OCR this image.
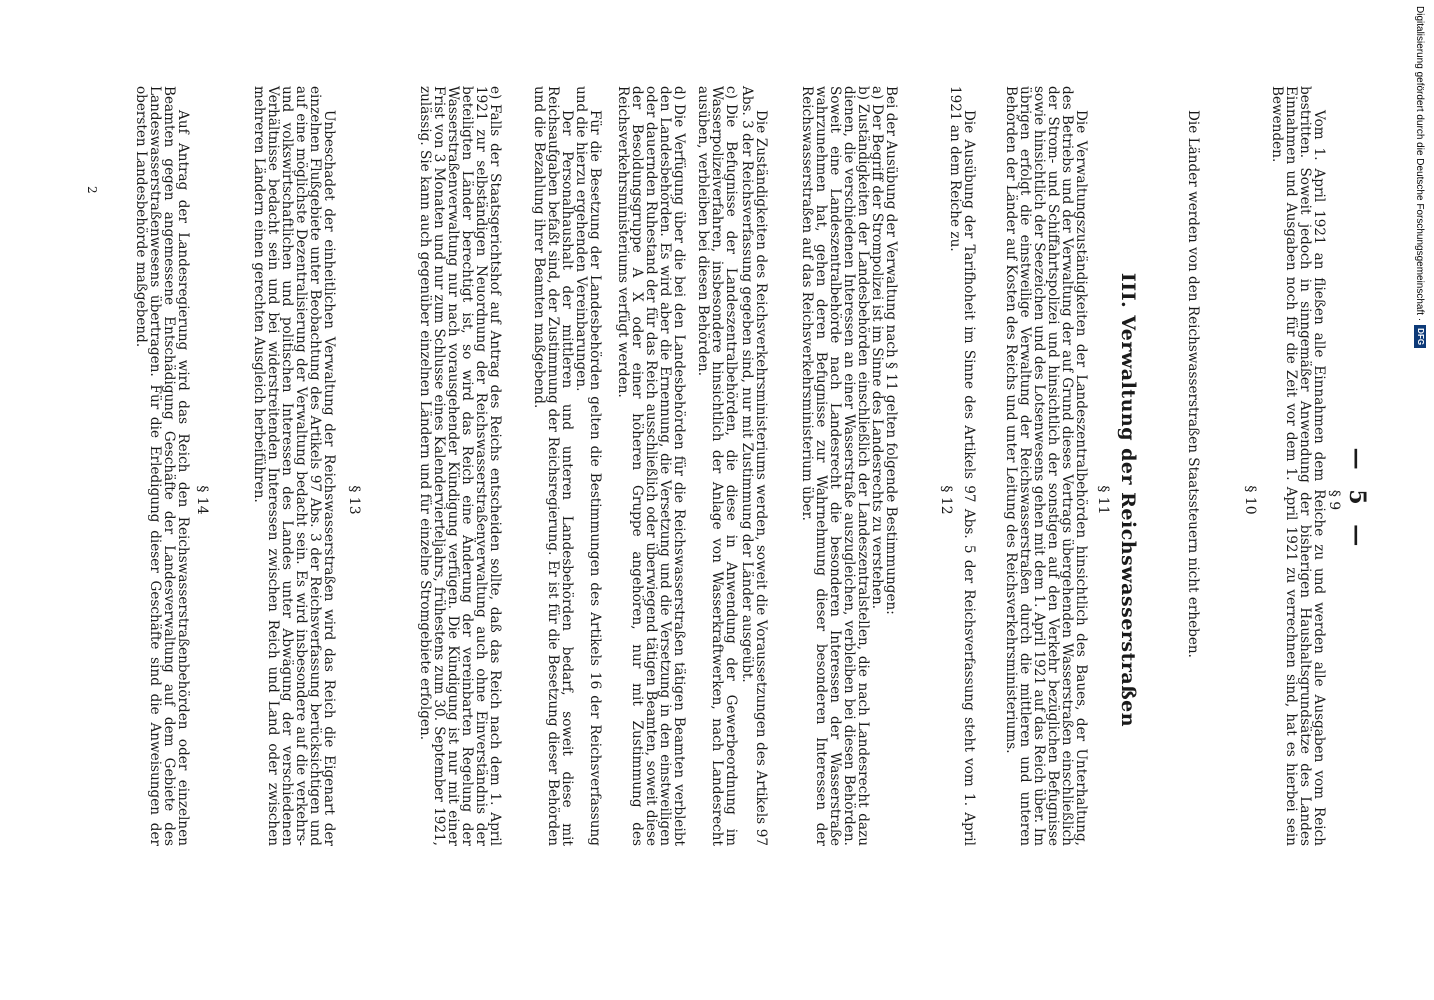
— 5 —
§ 9
Vom 1. April 1921 an fließen alle Einnahmen dem Reiche zu und werden alle Ausgaben vom Reich bestritten. Soweit jedoch in sinngemäßer Anwendung der bisherigen Haushaltsgrundsätze des Landes Einnahmen und Ausgaben noch für die Zeit vor dem 1. April 1921 zu verrechnen sind, hat es hierbei sein Bewenden.
§ 10
Die Länder werden von den Reichswasserstraßen Staatssteuern nicht erheben.
III. Verwaltung der Reichswasserstraßen
§ 11
Die Verwaltungszuständigkeiten der Landeszentralbehörden hinsichtlich des Baues, der Unterhaltung, des Betriebs und der Verwaltung der auf Grund dieses Vertrags übergehenden Wasserstraßen einschließlich der Strom- und Schiffahrtspolizei und hinsichtlich der sonstigen auf den Verkehr bezüglichen Befugnisse sowie hinsichtlich der Seezeichen und des Lotsenwesens gehen mit dem 1. April 1921 auf das Reich über. Im übrigen erfolgt die einstweilige Verwaltung der Reichswasserstraßen durch die mittleren und unteren Behörden der Länder auf Kosten des Reichs und unter Leitung des Reichsverkehrsministeriums.
Die Ausübung der Tarifhoheit im Sinne des Artikels 97 Abs. 5 der Reichsverfassung steht vom 1. April 1921 an dem Reiche zu.
§ 12
Bei der Ausübung der Verwaltung nach § 11 gelten folgende Bestimmungen:
a)Der Begriff der Strompolizei ist im Sinne des Landesrechts zu verstehen.
b)Zuständigkeiten der Landesbehörden einschließlich der Landeszentralstellen, die nach Landesrecht dazu dienen, die verschiedenen Interessen an einer Wasserstraße auszugleichen, verbleiben bei diesen Behörden. Soweit eine Landeszentralbehörde nach Landesrecht die besonderen Interessen der Wasserstraße wahrzunehmen hat, gehen deren Befugnisse zur Wahrnehmung dieser besonderen Interessen der Reichswasserstraßen auf das Reichsverkehrsministerium über.
Die Zuständigkeiten des Reichsverkehrsministeriums werden, soweit die Voraussetzungen des Artikels 97 Abs. 3 der Reichsverfassung gegeben sind, nur mit Zustimmung der Länder ausgeübt.
c)Die Befugnisse der Landeszentralbehörden, die diese in Anwendung der Gewerbeordnung im Wasserpolizeiverfahren, insbesondere hinsichtlich der Anlage von Wasserkraftwerken, nach Landesrecht ausüben, verbleiben bei diesen Behörden.
d)Die Verfügung über die bei den Landesbehörden für die Reichswasserstraßen tätigen Beamten verbleibt den Landesbehörden. Es wird aber die Ernennung, die Versetzung und die Versetzung in den einstweiligen oder dauernden Ruhestand der für das Reich ausschließlich oder überwiegend tätigen Beamten, soweit diese der Besoldungsgruppe A X oder einer höheren Gruppe angehören, nur mit Zustimmung des Reichsverkehrsministeriums verfügt werden.
Für die Besetzung der Landesbehörden gelten die Bestimmungen des Artikels 16 der Reichsverfassung und die hierzu ergehenden Vereinbarungen.
Der Personalhaushalt der mittleren und unteren Landesbehörden bedarf, soweit diese mit Reichsaufgaben befaßt sind, der Zustimmung der Reichsregierung. Er ist für die Besetzung dieser Behörden und die Bezahlung ihrer Beamten maßgebend.
e)Falls der Staatsgerichtshof auf Antrag des Reichs entscheiden sollte, daß das Reich nach dem 1. April 1921 zur selbständigen Neuordnung der Reichswasserstraßenverwaltung auch ohne Einverständnis der beteiligten Länder berechtigt ist, so wird das Reich eine Änderung der vereinbarten Regelung der Wasserstraßenverwaltung nur nach vorausgehender Kündigung verfügen. Die Kündigung ist nur mit einer Frist von 3 Monaten und nur zum Schlusse eines Kalendervierteljahrs, frühestens zum 30. September 1921, zulässig. Sie kann auch gegenüber einzelnen Ländern und für einzelne Stromgebiete erfolgen.
§ 13
Unbeschadet der einheitlichen Verwaltung der Reichswasserstraßen wird das Reich die Eigenart der einzelnen Flußgebiete unter Beobachtung des Artikels 97 Abs. 3 der Reichsverfassung berücksichtigen und auf eine möglichste Dezentralisierung der Verwaltung bedacht sein. Es wird insbesondere auf die verkehrs- und volkswirtschaftlichen und politischen Interessen des Landes unter Abwägung der verschiedenen Verhältnisse bedacht sein und bei widerstreitenden Interessen zwischen Reich und Land oder zwischen mehreren Ländern einen gerechten Ausgleich herbeiführen.
§ 14
Auf Antrag der Landesregierung wird das Reich den Reichswasserstraßenbehörden oder einzelnen Beamten gegen angemessene Entschädigung Geschäfte der Landesverwaltung auf dem Gebiete des Landeswasserstraßenwesens übertragen. Für die Erledigung dieser Geschäfte sind die Anweisungen der obersten Landesbehörde maßgebend.
2	Digitalisierung gefördert durch die Deutsche Forschungsgemeinschaft ·DFG
